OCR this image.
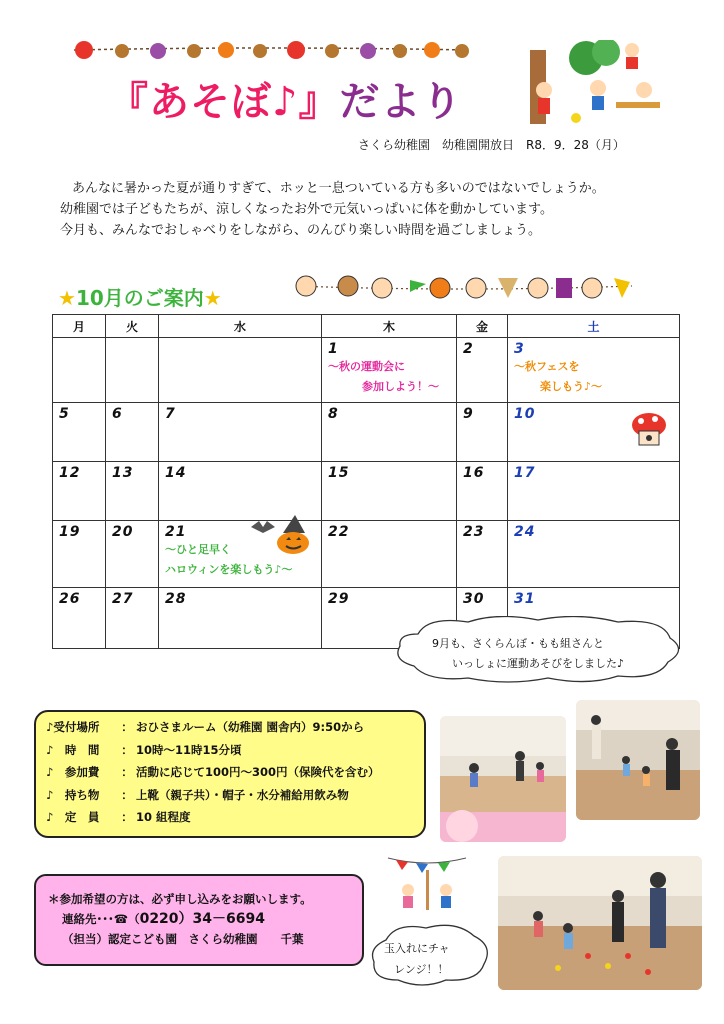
『あそぼ♪』だより
さくら幼稚園　幼稚園開放日　R8．9．28（月）

あんなに暑かった夏が通りすぎて、ホッと一息ついている方も多いのではないでしょうか。

幼稚園では子どもたちが、涼しくなったお外で元気いっぱいに体を動かしています。

今月も、みんなでおしゃべりをしながら、のんびり楽しい時間を過ごしましょう。

★10月のご案内★
月	火	水	木	金	土

			1
～秋の運動会に
参加しよう！～	2	3
～秋フェスを
楽しもう♪～

5	6	7	8	9	10

12	13	14	15	16	17

19	20	21
～ひと足早く
ハロウィンを楽しもう♪～	22	23	24

26	27	28	29	30	31
9月も、さくらんぼ・もも組さんと
いっしょに運動あそびをしました♪
♪受付場所	： おひさまルーム（幼稚園 園舎内）9:50から
♪　時　間	： 10時～11時15分頃
♪　参加費	： 活動に応じて100円～300円（保険代を含む）
♪　持ち物	： 上靴（親子共）・帽子・水分補給用飲み物
♪　定　員	： 10 組程度
＊参加希望の方は、必ず申し込みをお願いします。
連絡先･･･☎（0220）34－6694
（担当）認定こども園　さくら幼稚園　　千葉
玉入れにチャ
レンジ！！
